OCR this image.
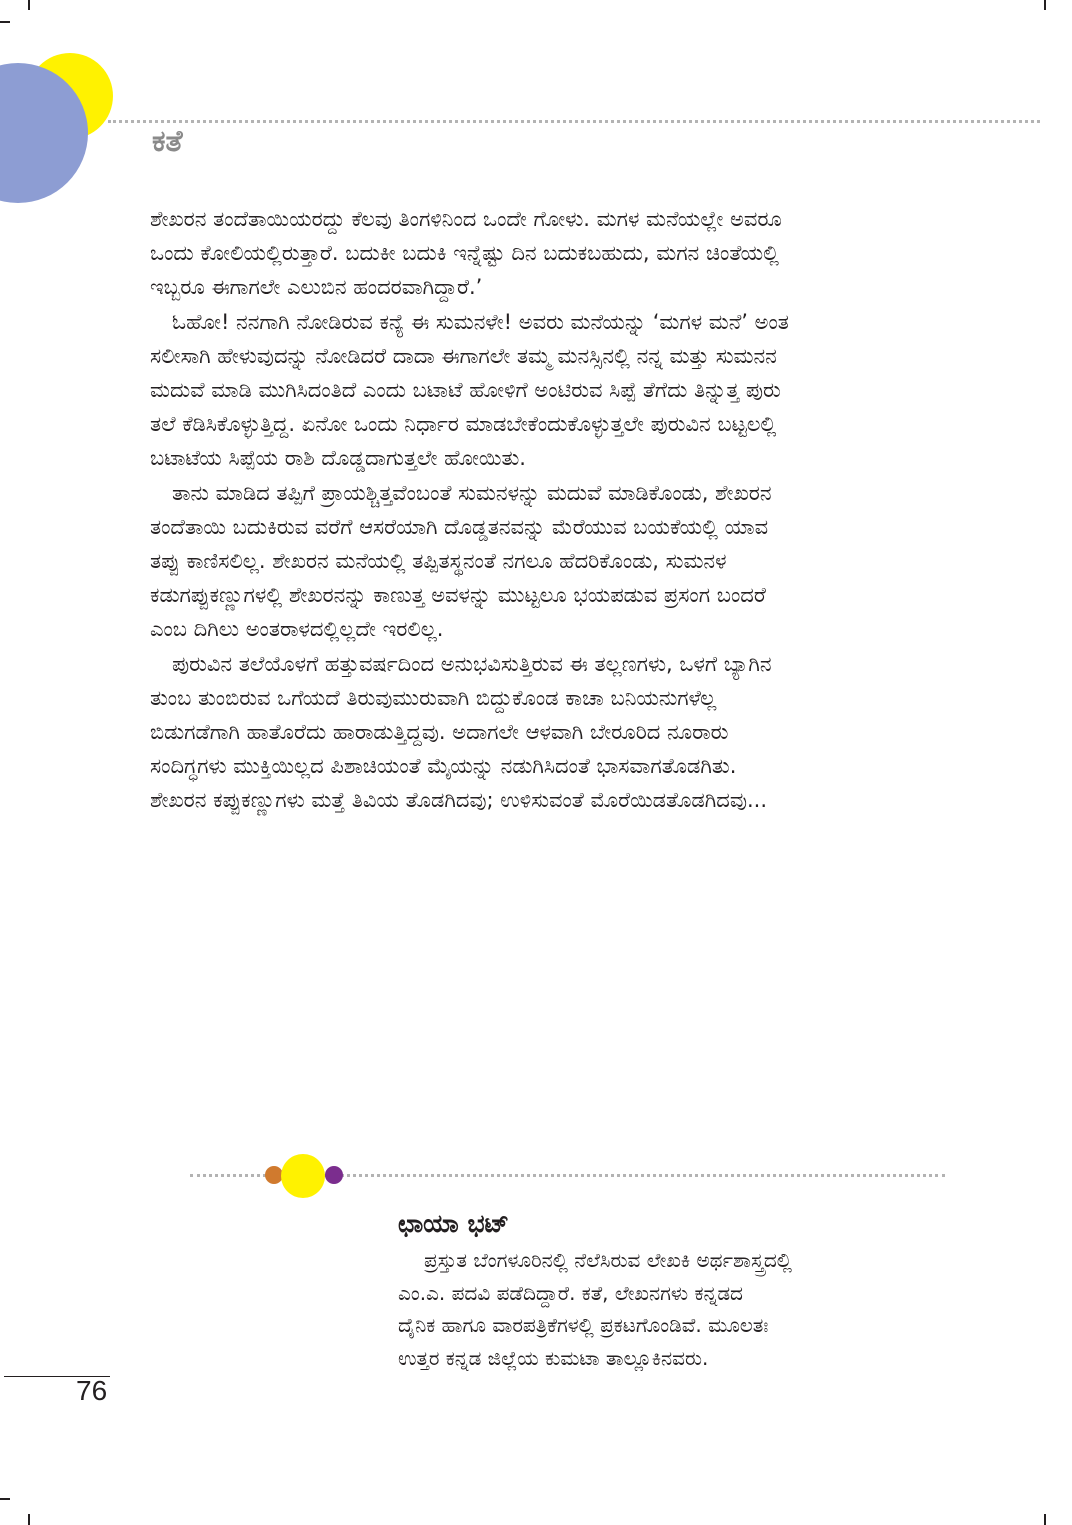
ಕತೆ

ಶೇಖರನ ತಂದೆತಾಯಿಯರದ್ದು ಕೆಲವು ತಿಂಗಳಿನಿಂದ ಒಂದೇ ಗೋಳು. ಮಗಳ ಮನೆಯಲ್ಲೇ ಅವರೂ

ಒಂದು ಕೋಲಿಯಲ್ಲಿರುತ್ತಾರೆ. ಬದುಕೀ ಬದುಕಿ ಇನ್ನೆಷ್ಟು ದಿನ ಬದುಕಬಹುದು, ಮಗನ ಚಿಂತೆಯಲ್ಲಿ

ಇಬ್ಬರೂ ಈಗಾಗಲೇ ಎಲುಬಿನ ಹಂದರವಾಗಿದ್ದಾರೆ.’

ಓಹೋ! ನನಗಾಗಿ ನೋಡಿರುವ ಕನ್ಯೆ ಈ ಸುಮನಳೇ! ಅವರು ಮನೆಯನ್ನು ‘ಮಗಳ ಮನೆ’ ಅಂತ

ಸಲೀಸಾಗಿ ಹೇಳುವುದನ್ನು ನೋಡಿದರೆ ದಾದಾ ಈಗಾಗಲೇ ತಮ್ಮ ಮನಸ್ಸಿನಲ್ಲಿ ನನ್ನ ಮತ್ತು ಸುಮನನ

ಮದುವೆ ಮಾಡಿ ಮುಗಿಸಿದಂತಿದೆ ಎಂದು ಬಟಾಟೆ ಹೋಳಿಗೆ ಅಂಟಿರುವ ಸಿಪ್ಪೆ ತೆಗೆದು ತಿನ್ನುತ್ತ ಪುರು

ತಲೆ ಕೆಡಿಸಿಕೊಳ್ಳುತ್ತಿದ್ದ. ಏನೋ ಒಂದು ನಿರ್ಧಾರ ಮಾಡಬೇಕೆಂದುಕೊಳ್ಳುತ್ತಲೇ ಪುರುವಿನ ಬಟ್ಟಲಲ್ಲಿ

ಬಟಾಟೆಯ ಸಿಪ್ಪೆಯ ರಾಶಿ ದೊಡ್ಡದಾಗುತ್ತಲೇ ಹೋಯಿತು.

ತಾನು ಮಾಡಿದ ತಪ್ಪಿಗೆ ಪ್ರಾಯಶ್ಚಿತ್ತವೆಂಬಂತೆ ಸುಮನಳನ್ನು ಮದುವೆ ಮಾಡಿಕೊಂಡು, ಶೇಖರನ

ತಂದೆತಾಯಿ ಬದುಕಿರುವ ವರೆಗೆ ಆಸರೆಯಾಗಿ ದೊಡ್ಡತನವನ್ನು ಮೆರೆಯುವ ಬಯಕೆಯಲ್ಲಿ ಯಾವ

ತಪ್ಪು ಕಾಣಿಸಲಿಲ್ಲ. ಶೇಖರನ ಮನೆಯಲ್ಲಿ ತಪ್ಪಿತಸ್ಥನಂತೆ ನಗಲೂ ಹೆದರಿಕೊಂಡು, ಸುಮನಳ

ಕಡುಗಪ್ಪುಕಣ್ಣುಗಳಲ್ಲಿ ಶೇಖರನನ್ನು ಕಾಣುತ್ತ ಅವಳನ್ನು ಮುಟ್ಟಲೂ ಭಯಪಡುವ ಪ್ರಸಂಗ ಬಂದರೆ

ಎಂಬ ದಿಗಿಲು ಅಂತರಾಳದಲ್ಲಿಲ್ಲದೇ ಇರಲಿಲ್ಲ.

ಪುರುವಿನ ತಲೆಯೊಳಗೆ ಹತ್ತುವರ್ಷದಿಂದ ಅನುಭವಿಸುತ್ತಿರುವ ಈ ತಲ್ಲಣಗಳು, ಒಳಗೆ ಬ್ಯಾಗಿನ

ತುಂಬ ತುಂಬಿರುವ ಒಗೆಯದೆ ತಿರುವುಮುರುವಾಗಿ ಬಿದ್ದುಕೊಂಡ ಕಾಚಾ ಬನಿಯನುಗಳೆಲ್ಲ

ಬಿಡುಗಡೆಗಾಗಿ ಹಾತೊರೆದು ಹಾರಾಡುತ್ತಿದ್ದವು. ಅದಾಗಲೇ ಆಳವಾಗಿ ಬೇರೂರಿದ ನೂರಾರು

ಸಂದಿಗ್ಧಗಳು ಮುಕ್ತಿಯಿಲ್ಲದ ಪಿಶಾಚಿಯಂತೆ ಮೈಯನ್ನು ನಡುಗಿಸಿದಂತೆ ಭಾಸವಾಗತೊಡಗಿತು.

ಶೇಖರನ ಕಪ್ಪುಕಣ್ಣುಗಳು ಮತ್ತೆ ತಿವಿಯ ತೊಡಗಿದವು; ಉಳಿಸುವಂತೆ ಮೊರೆಯಿಡತೊಡಗಿದವು...

ಛಾಯಾ ಭಟ್

ಪ್ರಸ್ತುತ ಬೆಂಗಳೂರಿನಲ್ಲಿ ನೆಲೆಸಿರುವ ಲೇಖಕಿ ಅರ್ಥಶಾಸ್ತ್ರದಲ್ಲಿ

ಎಂ.ಎ. ಪದವಿ ಪಡೆದಿದ್ದಾರೆ. ಕತೆ, ಲೇಖನಗಳು ಕನ್ನಡದ

ದೈನಿಕ ಹಾಗೂ ವಾರಪತ್ರಿಕೆಗಳಲ್ಲಿ ಪ್ರಕಟಗೊಂಡಿವೆ. ಮೂಲತಃ

ಉತ್ತರ ಕನ್ನಡ ಜಿಲ್ಲೆಯ ಕುಮಟಾ ತಾಲ್ಲೂಕಿನವರು.

76
